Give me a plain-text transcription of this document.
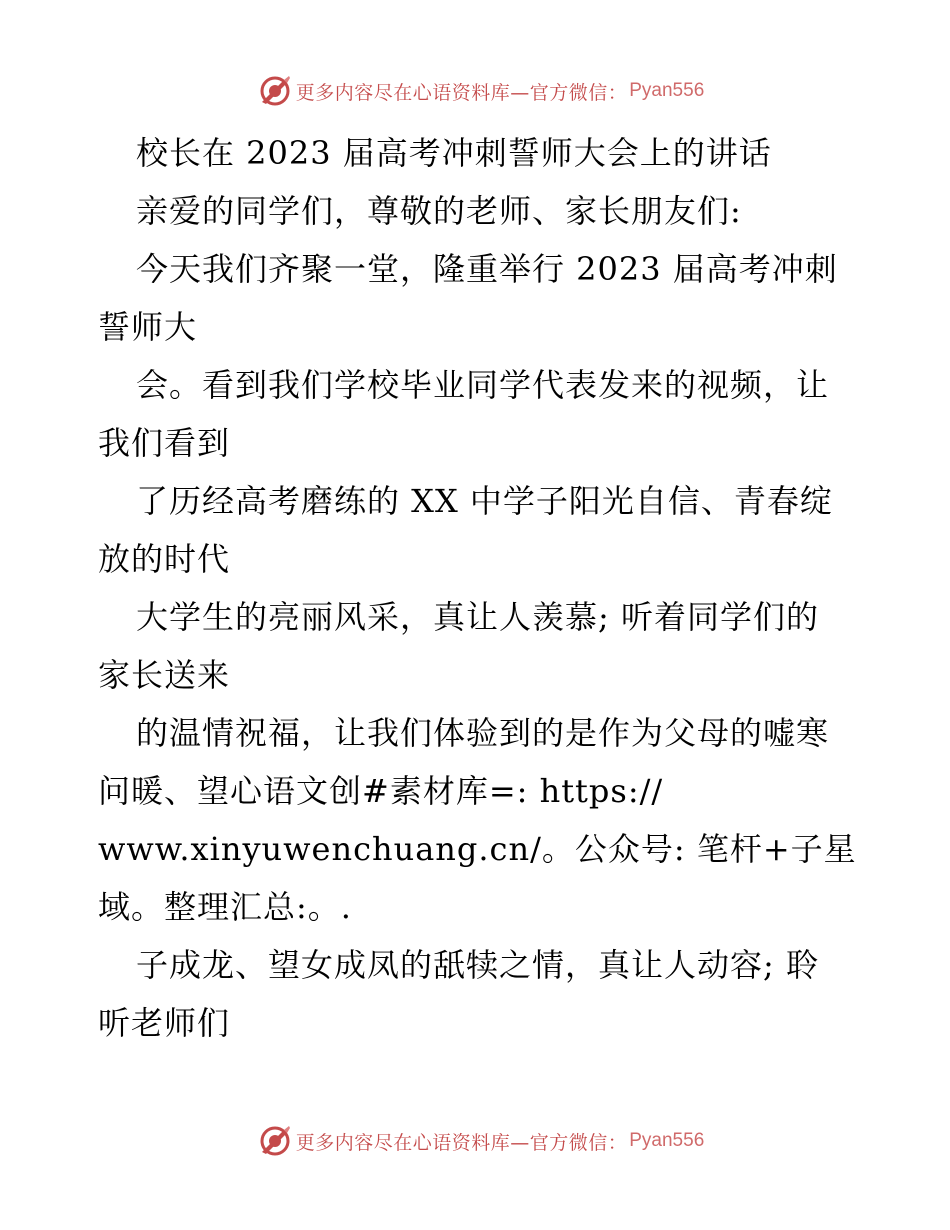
更多内容尽在心语资料库—官方微信： Pyan556
校长在 2023 届高考冲刺誓师大会上的讲话
亲爱的同学们，尊敬的老师、家长朋友们:
今天我们齐聚一堂，隆重举行 2023 届高考冲刺
誓师大
会。看到我们学校毕业同学代表发来的视频，让
我们看到
了历经高考磨练的 XX 中学子阳光自信、青春绽
放的时代
大学生的亮丽风采，真让人羡慕; 听着同学们的
家长送来
的温情祝福，让我们体验到的是作为父母的嘘寒
问暖、望心语文创#素材库=: https://
www.xinyuwenchuang.cn/。公众号: 笔杆+子星
域。整理汇总:。.
子成龙、望女成凤的舐犊之情，真让人动容; 聆
听老师们
更多内容尽在心语资料库—官方微信： Pyan556
